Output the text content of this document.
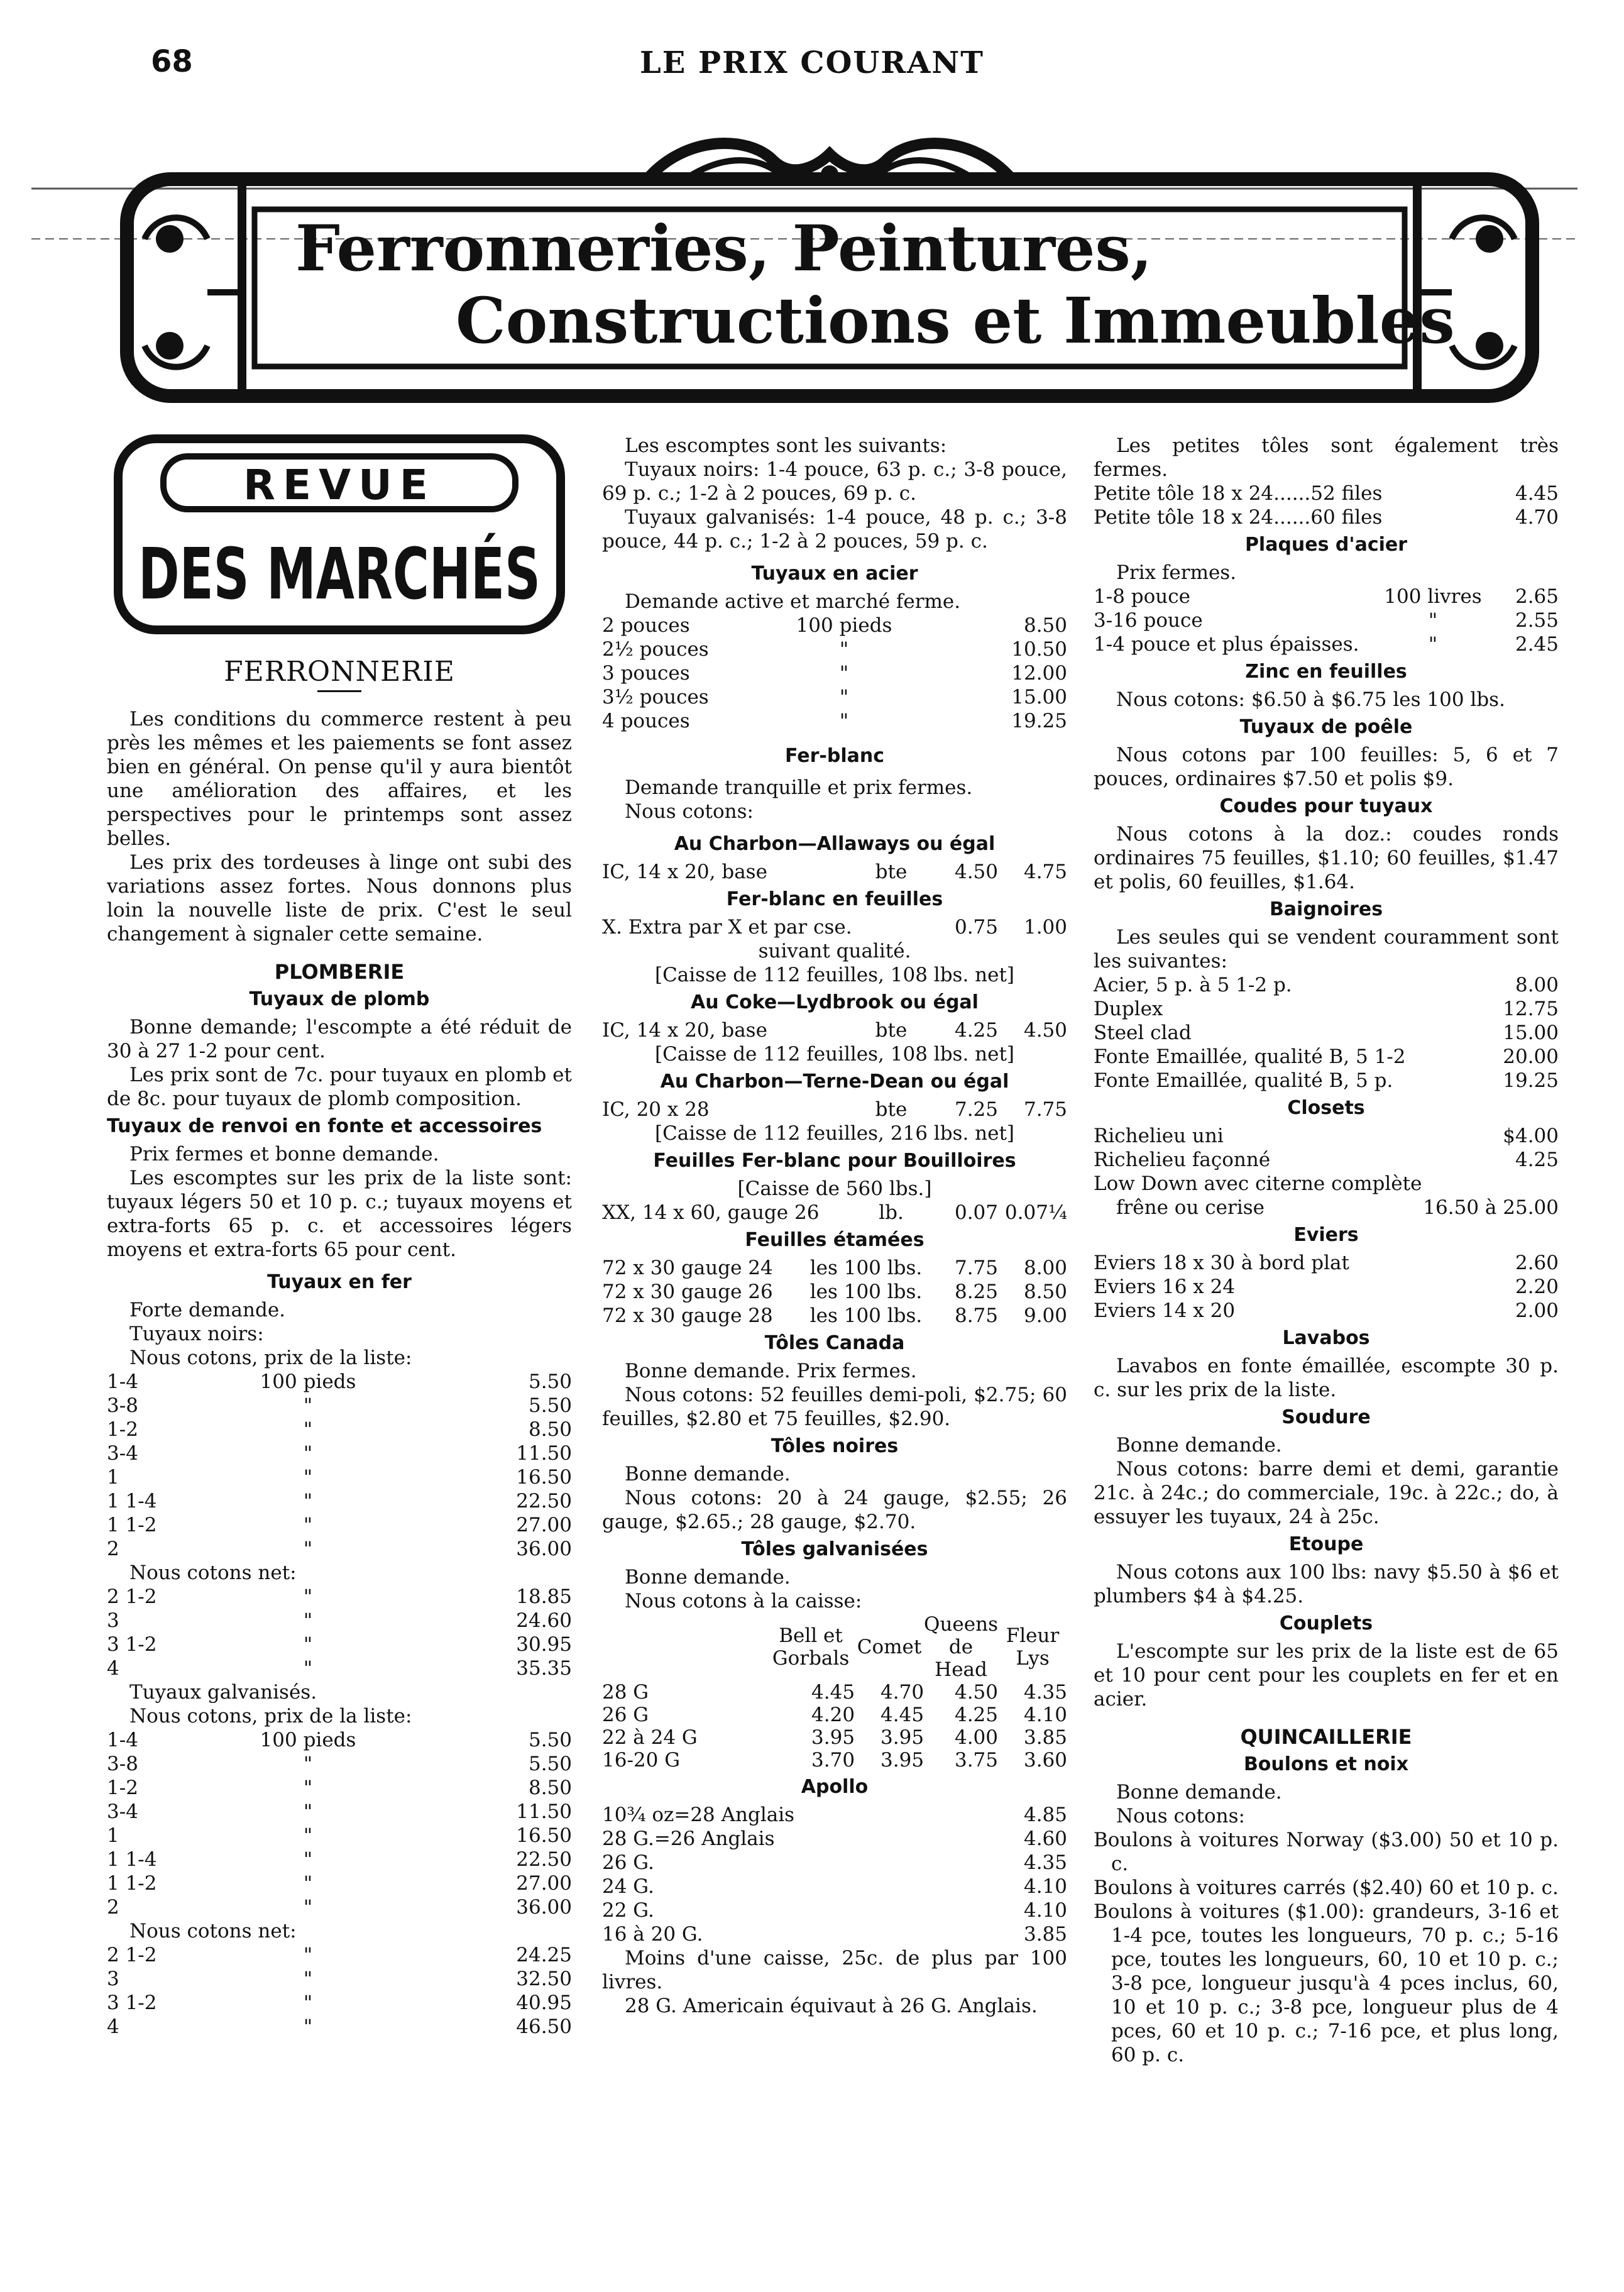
68	LE PRIX COURANT
Ferronneries, Peintures,
Constructions et Immeubles
REVUE
DES MARCHÉS
FERRONNERIE

Les conditions du commerce restent à peu près les mêmes et les paiements se font assez bien en général. On pense qu'il y aura bientôt une amélioration des affaires, et les perspectives pour le printemps sont assez belles.

Les prix des tordeuses à linge ont subi des variations assez fortes. Nous donnons plus loin la nouvelle liste de prix. C'est le seul changement à signaler cette semaine.

PLOMBERIE
Tuyaux de plomb

Bonne demande; l'escompte a été réduit de 30 à 27 1-2 pour cent.

Les prix sont de 7c. pour tuyaux en plomb et de 8c. pour tuyaux de plomb composition.

Tuyaux de renvoi en fonte et accessoires

Prix fermes et bonne demande.

Les escomptes sur les prix de la liste sont: tuyaux légers 50 et 10 p. c.; tuyaux moyens et extra-forts 65 p. c. et accessoires légers moyens et extra-forts 65 pour cent.

Tuyaux en fer
Forte demande.
Tuyaux noirs:
Nous cotons, prix de la liste:
1-4	100 pieds	5.50
3-8	"	5.50
1-2	"	8.50
3-4	"	11.50
1	"	16.50
1 1-4	"	22.50
1 1-2	"	27.00
2	"	36.00
Nous cotons net:
2 1-2	"	18.85
3	"	24.60
3 1-2	"	30.95
4	"	35.35
Tuyaux galvanisés.
Nous cotons, prix de la liste:
1-4	100 pieds	5.50
3-8	"	5.50
1-2	"	8.50
3-4	"	11.50
1	"	16.50
1 1-4	"	22.50
1 1-2	"	27.00
2	"	36.00
Nous cotons net:
2 1-2	"	24.25
3	"	32.50
3 1-2	"	40.95
4	"	46.50
Les escomptes sont les suivants:

Tuyaux noirs: 1-4 pouce, 63 p. c.; 3-8 pouce, 69 p. c.; 1-2 à 2 pouces, 69 p. c.

Tuyaux galvanisés: 1-4 pouce, 48 p. c.; 3-8 pouce, 44 p. c.; 1-2 à 2 pouces, 59 p. c.

Tuyaux en acier
Demande active et marché ferme.
2 pouces	100 pieds	8.50
2½ pouces	"	10.50
3 pouces	"	12.00
3½ pouces	"	15.00
4 pouces	"	19.25
Fer-blanc
Demande tranquille et prix fermes.
Nous cotons:
Au Charbon—Allaways ou égal
IC, 14 x 20, base	bte	4.50	4.75
Fer-blanc en feuilles
X. Extra par X et par cse.	0.75	1.00
suivant qualité.
[Caisse de 112 feuilles, 108 lbs. net]
Au Coke—Lydbrook ou égal
IC, 14 x 20, base	bte	4.25	4.50
[Caisse de 112 feuilles, 108 lbs. net]
Au Charbon—Terne-Dean ou égal
IC, 20 x 28	bte	7.25	7.75
[Caisse de 112 feuilles, 216 lbs. net]
Feuilles Fer-blanc pour Bouilloires
[Caisse de 560 lbs.]
XX, 14 x 60, gauge 26	lb.	0.07	0.07¼
Feuilles étamées
72 x 30 gauge 24	les 100 lbs.	7.75	8.00
72 x 30 gauge 26	les 100 lbs.	8.25	8.50
72 x 30 gauge 28	les 100 lbs.	8.75	9.00
Tôles Canada
Bonne demande. Prix fermes.

Nous cotons: 52 feuilles demi-poli, $2.75; 60 feuilles, $2.80 et 75 feuilles, $2.90.

Tôles noires
Bonne demande.

Nous cotons: 20 à 24 gauge, $2.55; 26 gauge, $2.65.; 28 gauge, $2.70.

Tôles galvanisées
Bonne demande.
Nous cotons à la caisse:
	Bell et Gorbals	Comet	Queens de Head	Fleur Lys
28 G	4.45	4.70	4.50	4.35
26 G	4.20	4.45	4.25	4.10
22 à 24 G	3.95	3.95	4.00	3.85
16-20 G	3.70	3.95	3.75	3.60
Apollo
10¾ oz=28 Anglais	4.85
28 G.=26 Anglais	4.60
26 G.	4.35
24 G.	4.10
22 G.	4.10
16 à 20 G.	3.85

Moins d'une caisse, 25c. de plus par 100 livres.

28 G. Americain équivaut à 26 G. Anglais.

Les petites tôles sont également très fermes.

Petite tôle 18 x 24......52 files	4.45
Petite tôle 18 x 24......60 files	4.70
Plaques d'acier
Prix fermes.
1-8 pouce	100 livres	2.65
3-16 pouce	"	2.55
1-4 pouce et plus épaisses.	"	2.45
Zinc en feuilles

Nous cotons: $6.50 à $6.75 les 100 lbs.

Tuyaux de poêle

Nous cotons par 100 feuilles: 5, 6 et 7 pouces, ordinaires $7.50 et polis $9.

Coudes pour tuyaux

Nous cotons à la doz.: coudes ronds ordinaires 75 feuilles, $1.10; 60 feuilles, $1.47 et polis, 60 feuilles, $1.64.

Baignoires

Les seules qui se vendent couramment sont les suivantes:

Acier, 5 p. à 5 1-2 p.	8.00
Duplex	12.75
Steel clad	15.00
Fonte Emaillée, qualité B, 5 1-2	20.00
Fonte Emaillée, qualité B, 5 p.	19.25
Closets
Richelieu uni	$4.00
Richelieu façonné	4.25
Low Down avec citerne complète
frêne ou cerise	16.50 à 25.00
Eviers
Eviers 18 x 30 à bord plat	2.60
Eviers 16 x 24	2.20
Eviers 14 x 20	2.00
Lavabos

Lavabos en fonte émaillée, escompte 30 p. c. sur les prix de la liste.

Soudure
Bonne demande.

Nous cotons: barre demi et demi, garantie 21c. à 24c.; do commerciale, 19c. à 22c.; do, à essuyer les tuyaux, 24 à 25c.

Etoupe

Nous cotons aux 100 lbs: navy $5.50 à $6 et plumbers $4 à $4.25.

Couplets

L'escompte sur les prix de la liste est de 65 et 10 pour cent pour les couplets en fer et en acier.

QUINCAILLERIE
Boulons et noix
Bonne demande.
Nous cotons:

Boulons à voitures Norway ($3.00) 50 et 10 p. c.

Boulons à voitures carrés ($2.40) 60 et 10 p. c.

Boulons à voitures ($1.00): grandeurs, 3-16 et 1-4 pce, toutes les longueurs, 70 p. c.; 5-16 pce, toutes les longueurs, 60, 10 et 10 p. c.; 3-8 pce, longueur jusqu'à 4 pces inclus, 60, 10 et 10 p. c.; 3-8 pce, longueur plus de 4 pces, 60 et 10 p. c.; 7-16 pce, et plus long, 60 p. c.
